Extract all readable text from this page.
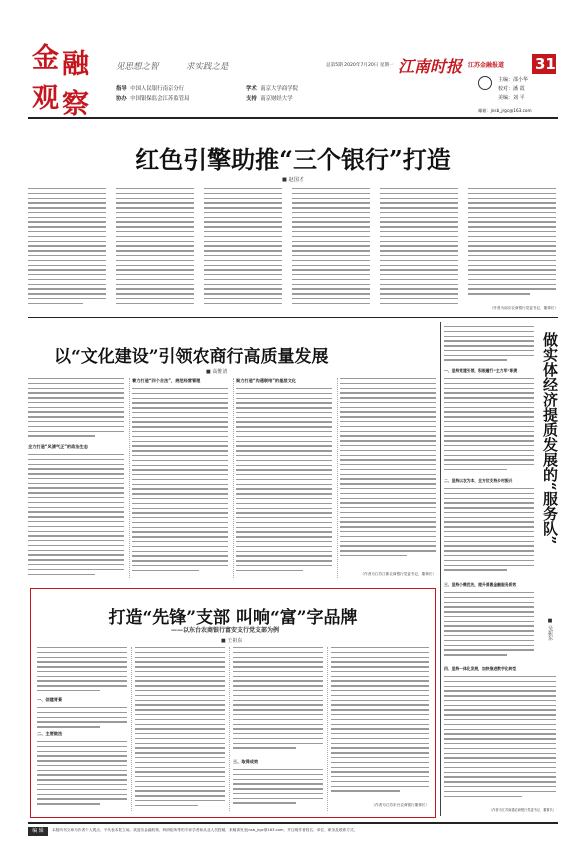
金 融
观 察
见思想之智	求实践之是
指导 中国人民银行南京分行
协办 中国银保监会江苏监管局
学术 南京大学商学院
支持 南京财经大学
总第5期 2020年7月20日 星期一 江南时报 江苏金融报道 31
主编：邵小华
校对：潘 霞
美编：刘 平
邮箱：jnsb_jrgc@163.com
红色引擎助推“三个银行”打造
■ 赵国才
（作者为南京农商银行党委书记、董事长）
以“文化建设”引领农商行高质量发展
■ 高惟清
全力打造“风清气正”的政治生态
着力打造“四个合法”，规范经营管理	聚力打造“沟通联络”的基层文化
（作者为江苏江都农商银行党委书记、董事长）
打造“先锋”支部 叫响“富”字品牌
——以东台农商银行富安支行党支部为例
■ 王祖东
一、创建背景
二、主要做法
三、取得成效
（作者为江苏东台农商银行董事长）
做实体经济提质发展的“服务队”
■ 吴振东
一、坚持党建引领，积极履行“主力军”职责
二、坚持以农为本，全方位支持乡村振兴
三、坚持小微优先，提升普惠金融服务质效
四、坚持一体化发展，加快推进数字化转型
（作者为江苏南通农商银行党委书记、董事长）
编 辑	本版所刊文章为作者个人观点，不代表本报立场。欢迎各金融机构、科研院所等的专家学者和从业人员投稿，来稿请发至jnsb_jrgc@163.com，并注明作者姓名、单位、职务及联系方式。
